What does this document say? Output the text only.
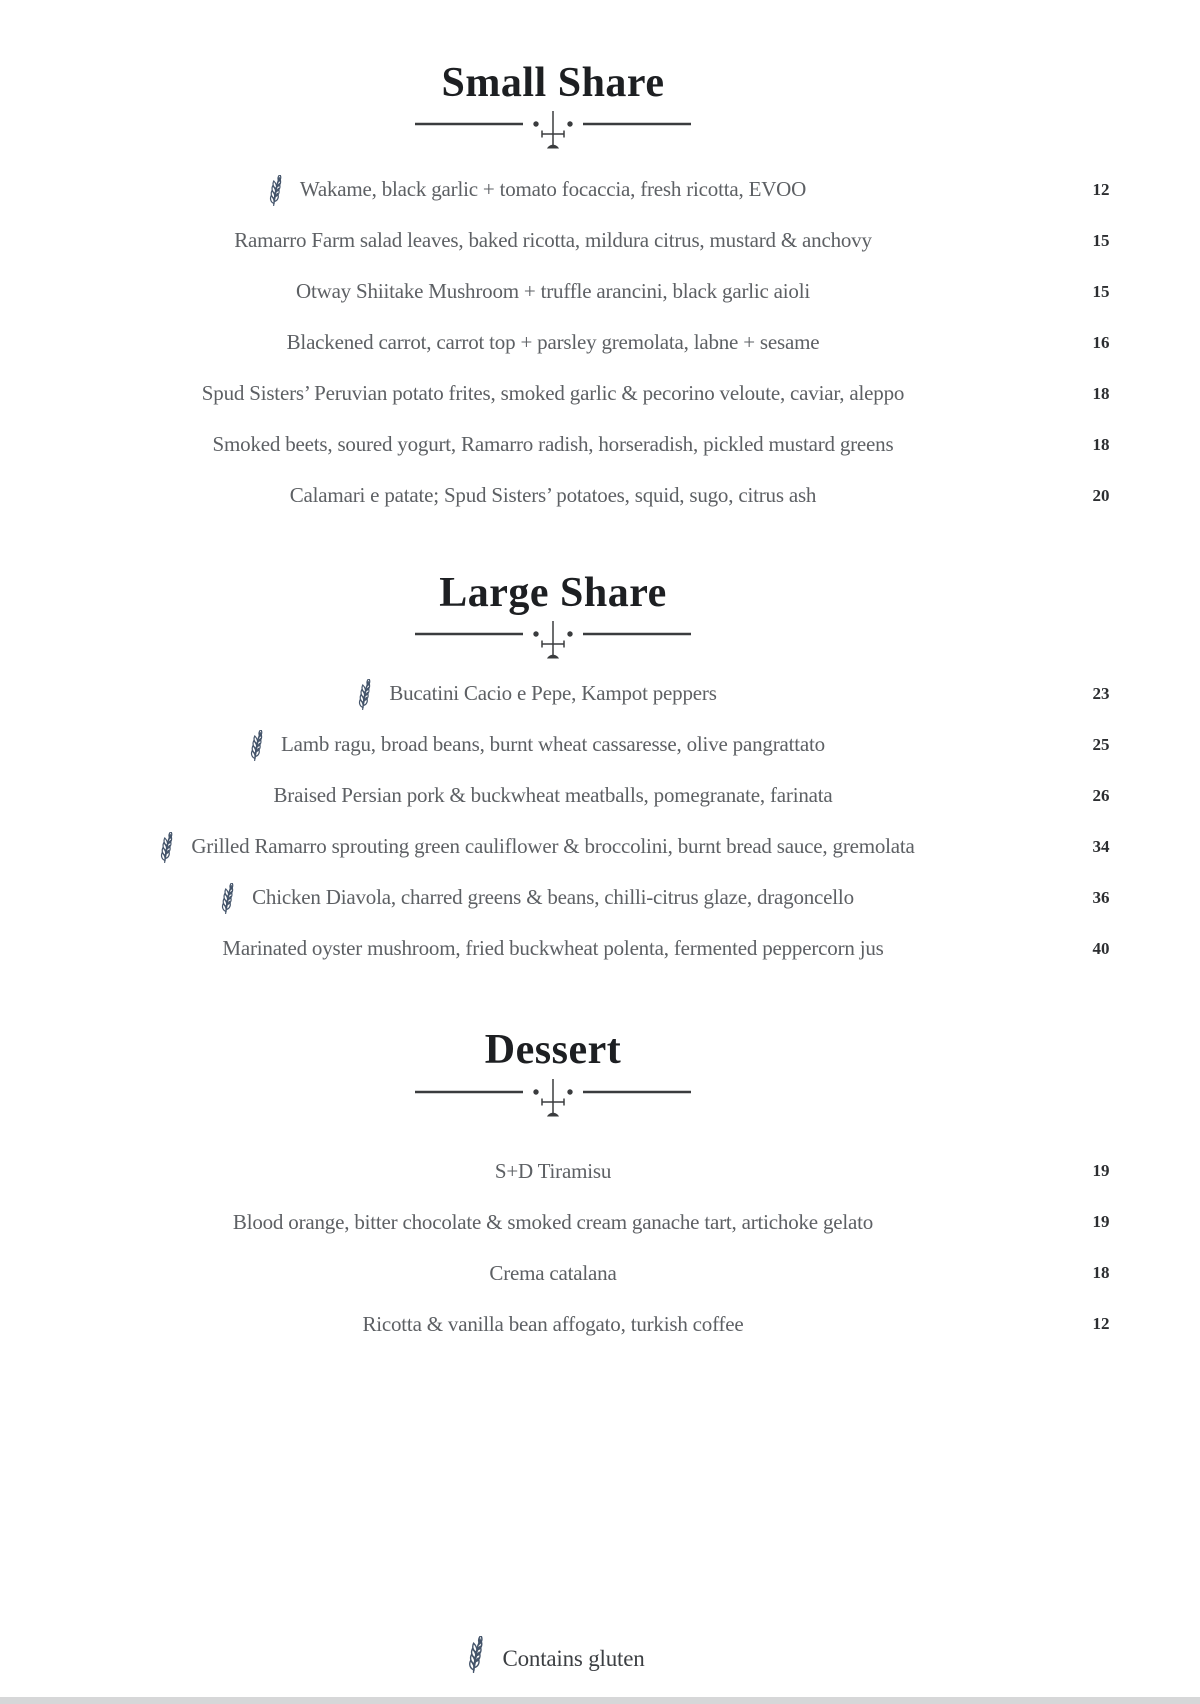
Small Share
Wakame, black garlic + tomato focaccia, fresh ricotta, EVOO	12
Ramarro Farm salad leaves, baked ricotta, mildura citrus, mustard & anchovy	15
Otway Shiitake Mushroom + truffle arancini, black garlic aioli	15
Blackened carrot, carrot top + parsley gremolata, labne + sesame	16
Spud Sisters’ Peruvian potato frites, smoked garlic & pecorino veloute, caviar, aleppo	18
Smoked beets, soured yogurt, Ramarro radish, horseradish, pickled mustard greens	18
Calamari e patate; Spud Sisters’ potatoes, squid, sugo, citrus ash	20
Large Share
Bucatini Cacio e Pepe, Kampot peppers	23
Lamb ragu, broad beans, burnt wheat cassaresse, olive pangrattato	25
Braised Persian pork & buckwheat meatballs, pomegranate, farinata	26
Grilled Ramarro sprouting green cauliflower & broccolini, burnt bread sauce, gremolata	34
Chicken Diavola, charred greens & beans, chilli-citrus glaze, dragoncello	36
Marinated oyster mushroom, fried buckwheat polenta, fermented peppercorn jus	40
Dessert
S+D Tiramisu	19
Blood orange, bitter chocolate & smoked cream ganache tart, artichoke gelato	19
Crema catalana	18
Ricotta & vanilla bean affogato, turkish coffee	12
Contains gluten
